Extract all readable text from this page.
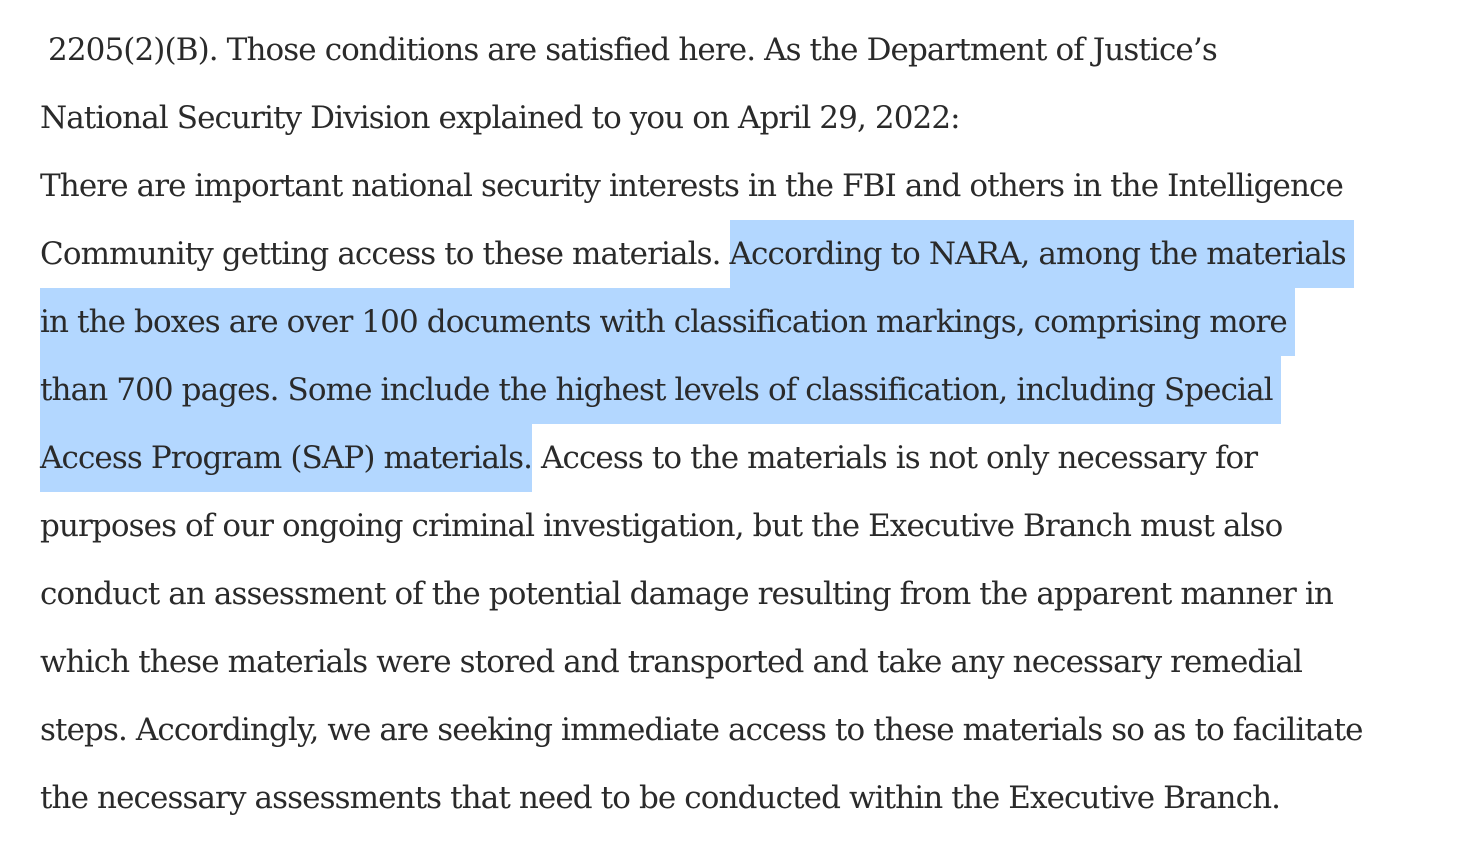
2205(2)(B). Those conditions are satisfied here. As the Department of Justice’s
National Security Division explained to you on April 29, 2022:
There are important national security interests in the FBI and others in the Intelligence
Community getting access to these materials. According to NARA, among the materials
in the boxes are over 100 documents with classification markings, comprising more
than 700 pages. Some include the highest levels of classification, including Special
Access Program (SAP) materials. Access to the materials is not only necessary for
purposes of our ongoing criminal investigation, but the Executive Branch must also
conduct an assessment of the potential damage resulting from the apparent manner in
which these materials were stored and transported and take any necessary remedial
steps. Accordingly, we are seeking immediate access to these materials so as to facilitate
the necessary assessments that need to be conducted within the Executive Branch.
